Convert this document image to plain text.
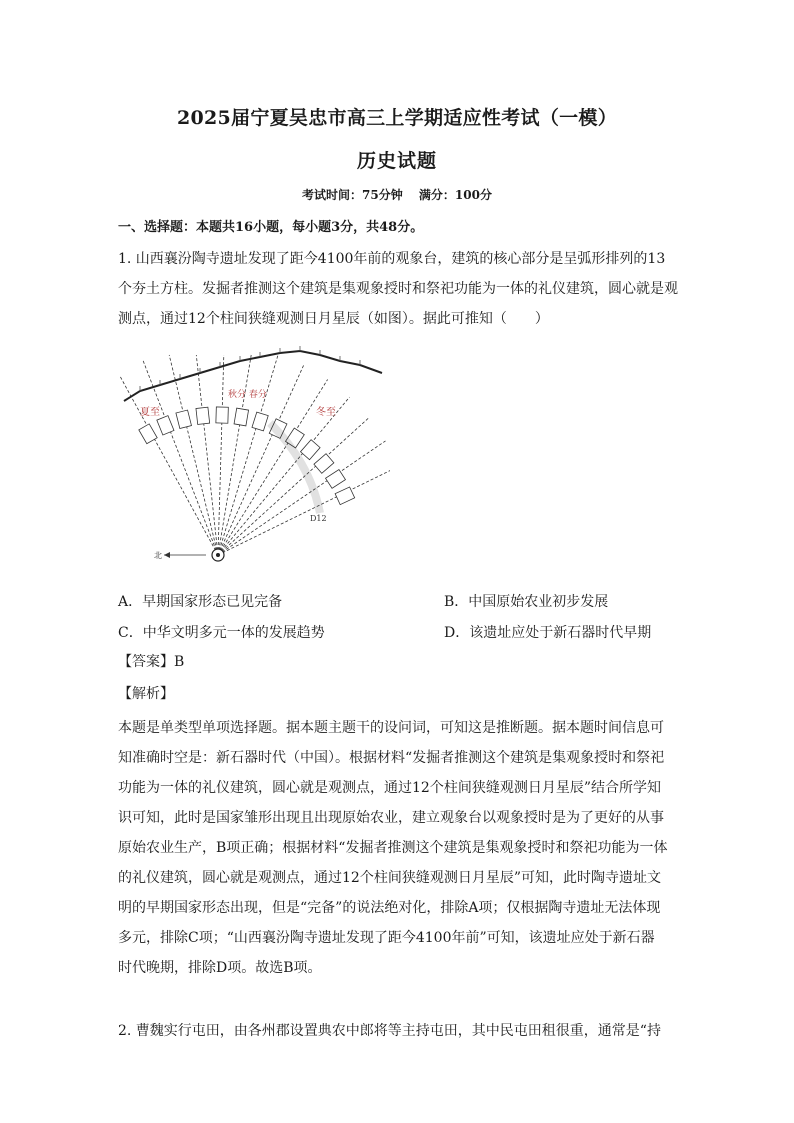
2025届宁夏吴忠市高三上学期适应性考试（一模）
历史试题
考试时间：75分钟 满分：100分
一、选择题：本题共16小题，每小题3分，共48分。

1. 山西襄汾陶寺遗址发现了距今4100年前的观象台，建筑的核心部分是呈弧形排列的13

个夯土方柱。发掘者推测这个建筑是集观象授时和祭祀功能为一体的礼仪建筑，圆心就是观

测点，通过12个柱间狭缝观测日月星辰（如图）。据此可推知（　　）

北
夏至
秋分 春分
冬至
D12
A．早期国家形态已见完备	B．中国原始农业初步发展
C．中华文明多元一体的发展趋势	D．该遗址应处于新石器时代早期
【答案】B
【解析】

本题是单类型单项选择题。据本题主题干的设问词，可知这是推断题。据本题时间信息可

知准确时空是：新石器时代（中国）。根据材料“发掘者推测这个建筑是集观象授时和祭祀

功能为一体的礼仪建筑，圆心就是观测点，通过12个柱间狭缝观测日月星辰”结合所学知

识可知，此时是国家雏形出现且出现原始农业，建立观象台以观象授时是为了更好的从事

原始农业生产，B项正确；根据材料“发掘者推测这个建筑是集观象授时和祭祀功能为一体

的礼仪建筑，圆心就是观测点，通过12个柱间狭缝观测日月星辰”可知，此时陶寺遗址文

明的早期国家形态出现，但是“完备”的说法绝对化，排除A项；仅根据陶寺遗址无法体现

多元，排除C项；“山西襄汾陶寺遗址发现了距今4100年前”可知，该遗址应处于新石器

时代晚期，排除D项。故选B项。

2. 曹魏实行屯田，由各州郡设置典农中郎将等主持屯田，其中民屯田租很重，通常是“持
